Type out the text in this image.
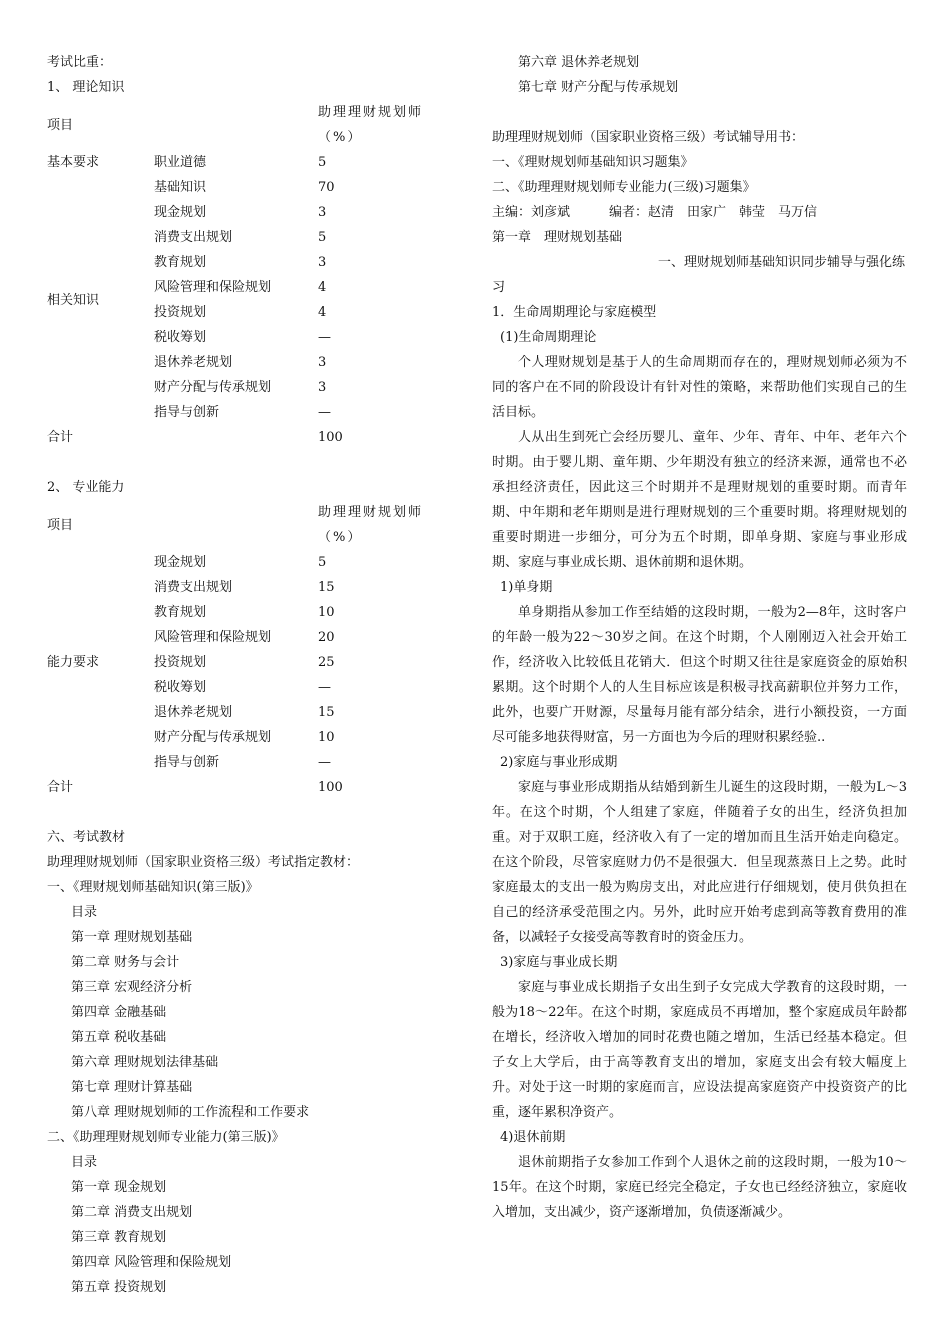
考试比重：
1、 理论知识
项目		助理理财规划师（%）
基本要求	职业道德	5
相关知识	基础知识	70
	现金规划	3
	消费支出规划	5
	教育规划	3
	风险管理和保险规划	4
	投资规划	4
	税收筹划	—
	退休养老规划	3
	财产分配与传承规划	3
	指导与创新	—
合计		100
2、 专业能力
项目		助理理财规划师（%）
能力要求	现金规划	5
	消费支出规划	15
	教育规划	10
	风险管理和保险规划	20
	投资规划	25
	税收筹划	—
	退休养老规划	15
	财产分配与传承规划	10
	指导与创新	—
合计		100
六、考试教材
助理理财规划师（国家职业资格三级）考试指定教材：
一、《理财规划师基础知识(第三版)》
目录
第一章 理财规划基础
第二章 财务与会计
第三章 宏观经济分析
第四章 金融基础
第五章 税收基础
第六章 理财规划法律基础
第七章 理财计算基础
第八章 理财规划师的工作流程和工作要求
二、《助理理财规划师专业能力(第三版)》
目录
第一章 现金规划
第二章 消费支出规划
第三章 教育规划
第四章 风险管理和保险规划
第五章 投资规划
第六章 退休养老规划
第七章 财产分配与传承规划
助理理财规划师（国家职业资格三级）考试辅导用书：
一、《理财规划师基础知识习题集》
二、《助理理财规划师专业能力(三级)习题集》
主编：刘彦斌　　　编者：赵清　田家广　韩莹　马万信
第一章　理财规划基础
一、理财规划师基础知识同步辅导与强化练
习
1．生命周期理论与家庭模型
(1)生命周期理论
个人理财规划是基于人的生命周期而存在的，理财规划师必须为不同的客户在不同的阶段设计有针对性的策略，来帮助他们实现自己的生活目标。
人从出生到死亡会经历婴儿、童年、少年、青年、中年、老年六个时期。由于婴儿期、童年期、少年期没有独立的经济来源，通常也不必承担经济责任，因此这三个时期并不是理财规划的重要时期。而青年期、中年期和老年期则是进行理财规划的三个重要时期。将理财规划的重要时期进一步细分，可分为五个时期，即单身期、家庭与事业形成期、家庭与事业成长期、退休前期和退休期。
1)单身期
单身期指从参加工作至结婚的这段时期，一般为2—8年，这时客户的年龄一般为22～30岁之间。在这个时期，个人刚刚迈入社会开始工作，经济收入比较低且花销大．但这个时期又往往是家庭资金的原始积累期。这个时期个人的人生目标应该是积极寻找高薪职位并努力工作，此外，也要广开财源，尽量每月能有部分结余，进行小额投资，一方面尽可能多地获得财富，另一方面也为今后的理财积累经验..
2)家庭与事业形成期
家庭与事业形成期指从结婚到新生儿诞生的这段时期，一般为L～3年。在这个时期，个人组建了家庭，伴随着子女的出生，经济负担加重。对于双职工庭，经济收入有了一定的增加而且生活开始走向稳定。在这个阶段，尽管家庭财力仍不是很强大．但呈现蒸蒸日上之势。此时家庭最太的支出一般为购房支出，对此应进行仔细规划，使月供负担在自己的经济承受范围之内。另外，此时应开始考虑到高等教育费用的准备，以减轻子女接受高等教育时的资金压力。
3)家庭与事业成长期
家庭与事业成长期指子女出生到子女完成大学教育的这段时期，一般为18～22年。在这个时期，家庭成员不再增加，整个家庭成员年龄都在增长，经济收入增加的同时花费也随之增加，生活已经基本稳定。但子女上大学后，由于高等教育支出的增加，家庭支出会有较大幅度上升。对处于这一时期的家庭而言，应设法提高家庭资产中投资资产的比重，逐年累积净资产。
4)退休前期
退休前期指子女参加工作到个人退休之前的这段时期，一般为10～15年。在这个时期，家庭已经完全稳定，子女也已经经济独立，家庭收入增加，支出减少，资产逐渐增加，负债逐渐减少。
